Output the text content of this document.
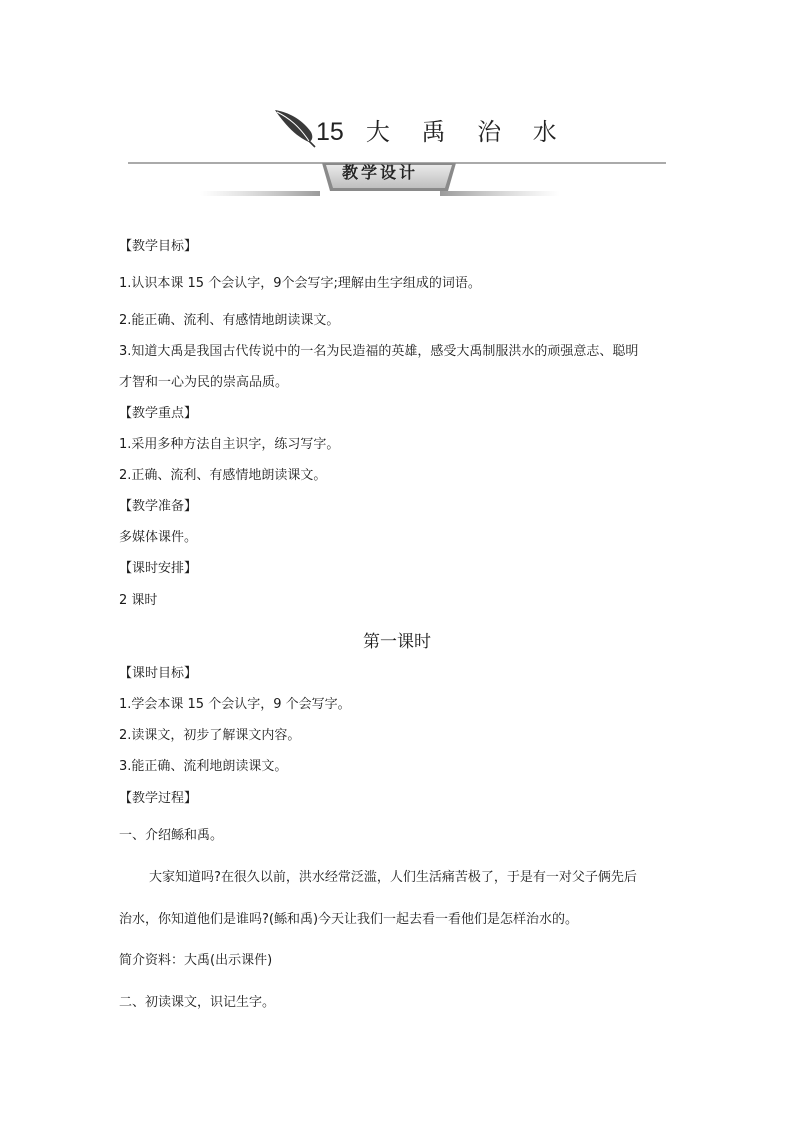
15 大 禹 治 水
教学设计
【教学目标】
1.认识本课 15 个会认字，9个会写字;理解由生字组成的词语。
2.能正确、流利、有感情地朗读课文。
3.知道大禹是我国古代传说中的一名为民造福的英雄，感受大禹制服洪水的顽强意志、聪明
才智和一心为民的崇高品质。
【教学重点】
1.采用多种方法自主识字，练习写字。
2.正确、流利、有感情地朗读课文。
【教学准备】
多媒体课件。
【课时安排】
2 课时
第一课时
【课时目标】
1.学会本课 15 个会认字，9 个会写字。
2.读课文，初步了解课文内容。
3.能正确、流利地朗读课文。
【教学过程】
一、介绍鲧和禹。
大家知道吗?在很久以前，洪水经常泛滥，人们生活痛苦极了，于是有一对父子俩先后
治水，你知道他们是谁吗?(鲧和禹)今天让我们一起去看一看他们是怎样治水的。
简介资料：大禹(出示课件)
二、初读课文，识记生字。
